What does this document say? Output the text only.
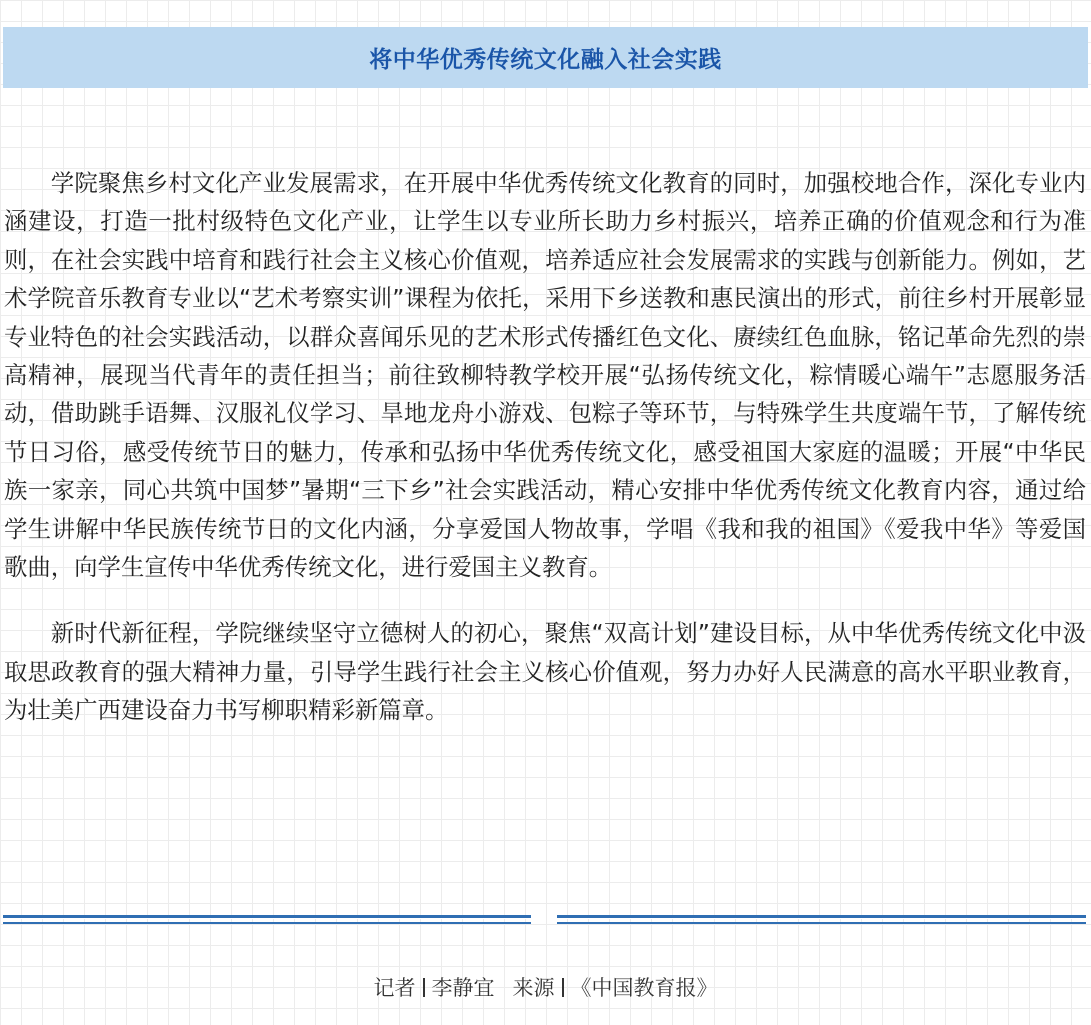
将中华优秀传统文化融入社会实践

学院聚焦乡村文化产业发展需求，在开展中华优秀传统文化教育的同时，加强校地合作，深化专业内涵建设，打造一批村级特色文化产业，让学生以专业所长助力乡村振兴，培养正确的价值观念和行为准则，在社会实践中培育和践行社会主义核心价值观，培养适应社会发展需求的实践与创新能力。例如，艺术学院音乐教育专业以“艺术考察实训”课程为依托，采用下乡送教和惠民演出的形式，前往乡村开展彰显专业特色的社会实践活动，以群众喜闻乐见的艺术形式传播红色文化、赓续红色血脉，铭记革命先烈的崇高精神，展现当代青年的责任担当；前往致柳特教学校开展“弘扬传统文化，粽情暖心端午”志愿服务活动，借助跳手语舞、汉服礼仪学习、旱地龙舟小游戏、包粽子等环节，与特殊学生共度端午节，了解传统节日习俗，感受传统节日的魅力，传承和弘扬中华优秀传统文化，感受祖国大家庭的温暖；开展“中华民族一家亲，同心共筑中国梦”暑期“三下乡”社会实践活动，精心安排中华优秀传统文化教育内容，通过给学生讲解中华民族传统节日的文化内涵，分享爱国人物故事，学唱《我和我的祖国》《爱我中华》等爱国歌曲，向学生宣传中华优秀传统文化，进行爱国主义教育。

新时代新征程，学院继续坚守立德树人的初心，聚焦“双高计划”建设目标，从中华优秀传统文化中汲取思政教育的强大精神力量，引导学生践行社会主义核心价值观，努力办好人民满意的高水平职业教育，为壮美广西建设奋力书写柳职精彩新篇章。

记者 李静宜 来源 《中国教育报》
